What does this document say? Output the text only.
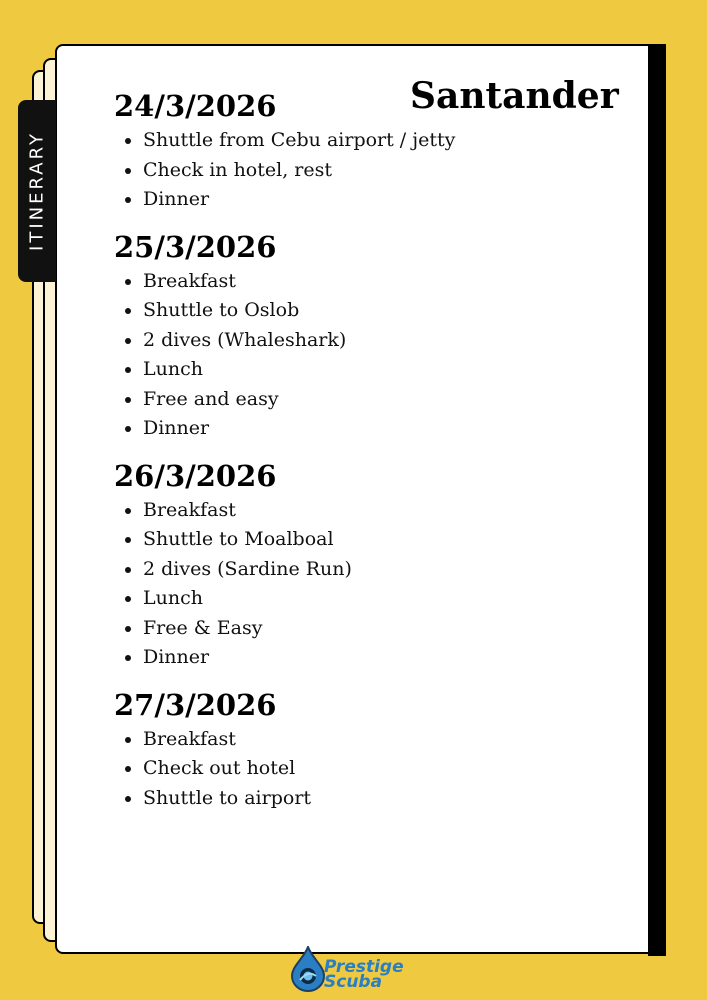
ITINERARY
Santander
24/3/2026
• Shuttle from Cebu airport / jetty
• Check in hotel, rest
• Dinner
25/3/2026
• Breakfast
• Shuttle to Oslob
• 2 dives (Whaleshark)
• Lunch
• Free and easy
• Dinner
26/3/2026
• Breakfast
• Shuttle to Moalboal
• 2 dives (Sardine Run)
• Lunch
• Free & Easy
• Dinner
27/3/2026
• Breakfast
• Check out hotel
• Shuttle to airport
Prestige
Scuba
